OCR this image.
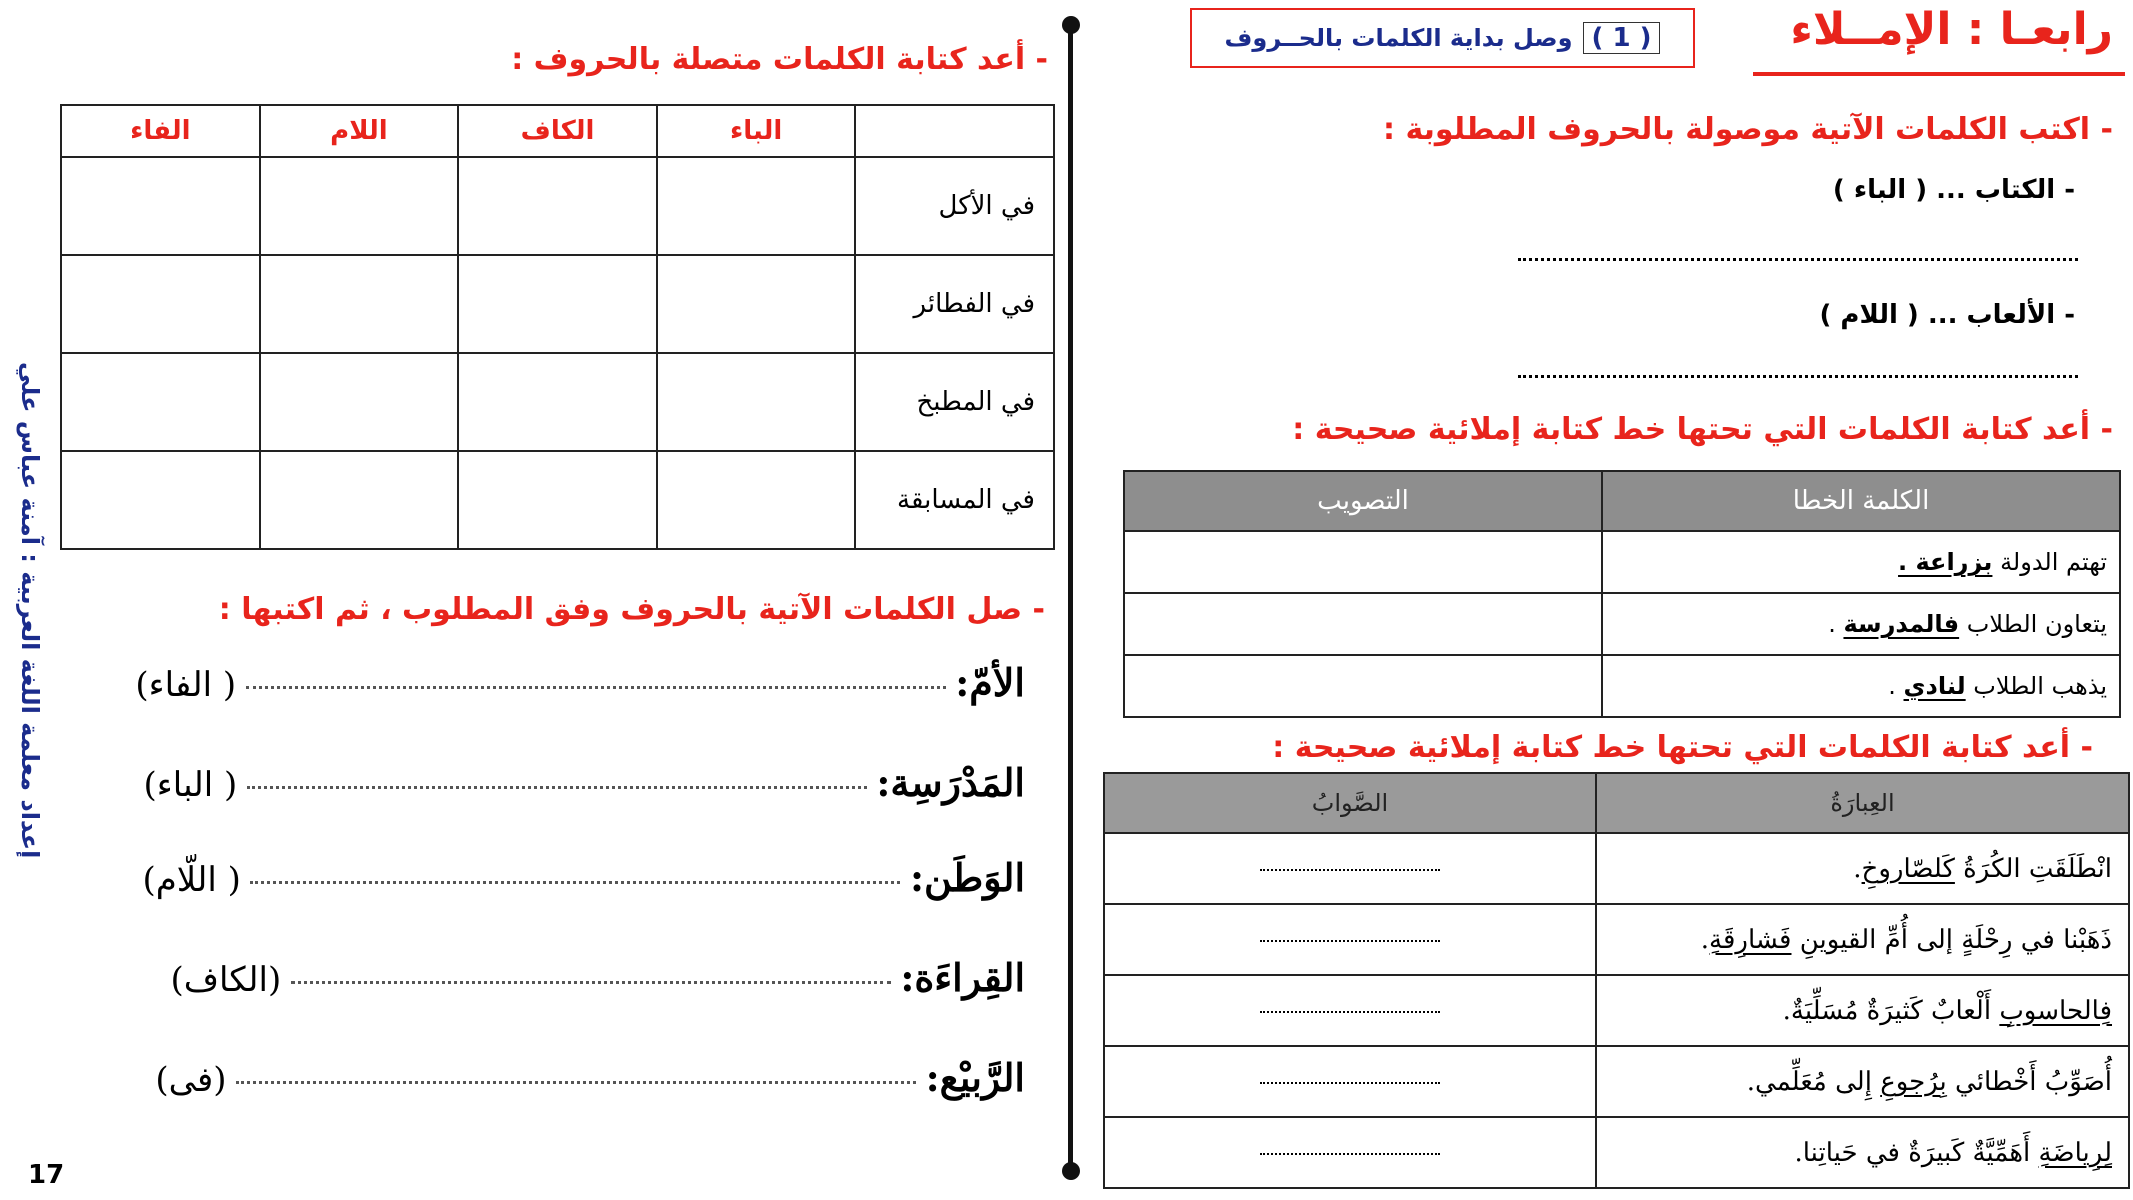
رابعـا : الإمــلاء
( 1 )
وصل بداية الكلمات بالحــروف
- اكتب الكلمات الآتية موصولة بالحروف المطلوبة :
- الكتاب ... ( الباء )
- الألعاب ... ( اللام )
- أعد كتابة الكلمات التي تحتها خط كتابة إملائية صحيحة :
الكلمة الخطا	التصويب
تهتم الدولة بزراعة .	
يتعاون الطلاب فالمدرسة .	
يذهب الطلاب لنادي .	
- أعد كتابة الكلمات التي تحتها خط كتابة إملائية صحيحة :
العِبارَةُ	الصَّوابُ
انْطَلَقَتِ الكُرَةُ كَلصّاروخِ.	
ذَهَبْنا في رِحْلَةٍ إلى أُمِّ القيوينِ فَشارِقَةِ.	
فِالحاسوبِ أَلْعابٌ كَثيرَةٌ مُسَلِّيَةٌ.	
أُصَوِّبُ أَخْطائي بِرُجوعِ إِلى مُعَلِّمي.	
لِرِياضَةِ أَهَمِّيَّةٌ كَبيرَةٌ في حَياتِنا.	
- أعد كتابة الكلمات متصلة بالحروف :
	الباء	الكاف	اللام	الفاء
في الأكل				
في الفطائر				
في المطبخ				
في المسابقة				
- صل الكلمات الآتية بالحروف وفق المطلوب ، ثم اكتبها :
الأمّ:  ( الفاء)
المَدْرَسِة:  ( الباء)
الوَطَن:  ( اللّام)
القِراءَة:  (الكاف)
الرَّبيْع:  (فى)
إعداد معلمة اللغة العربية : آمنة عباس علي
17
